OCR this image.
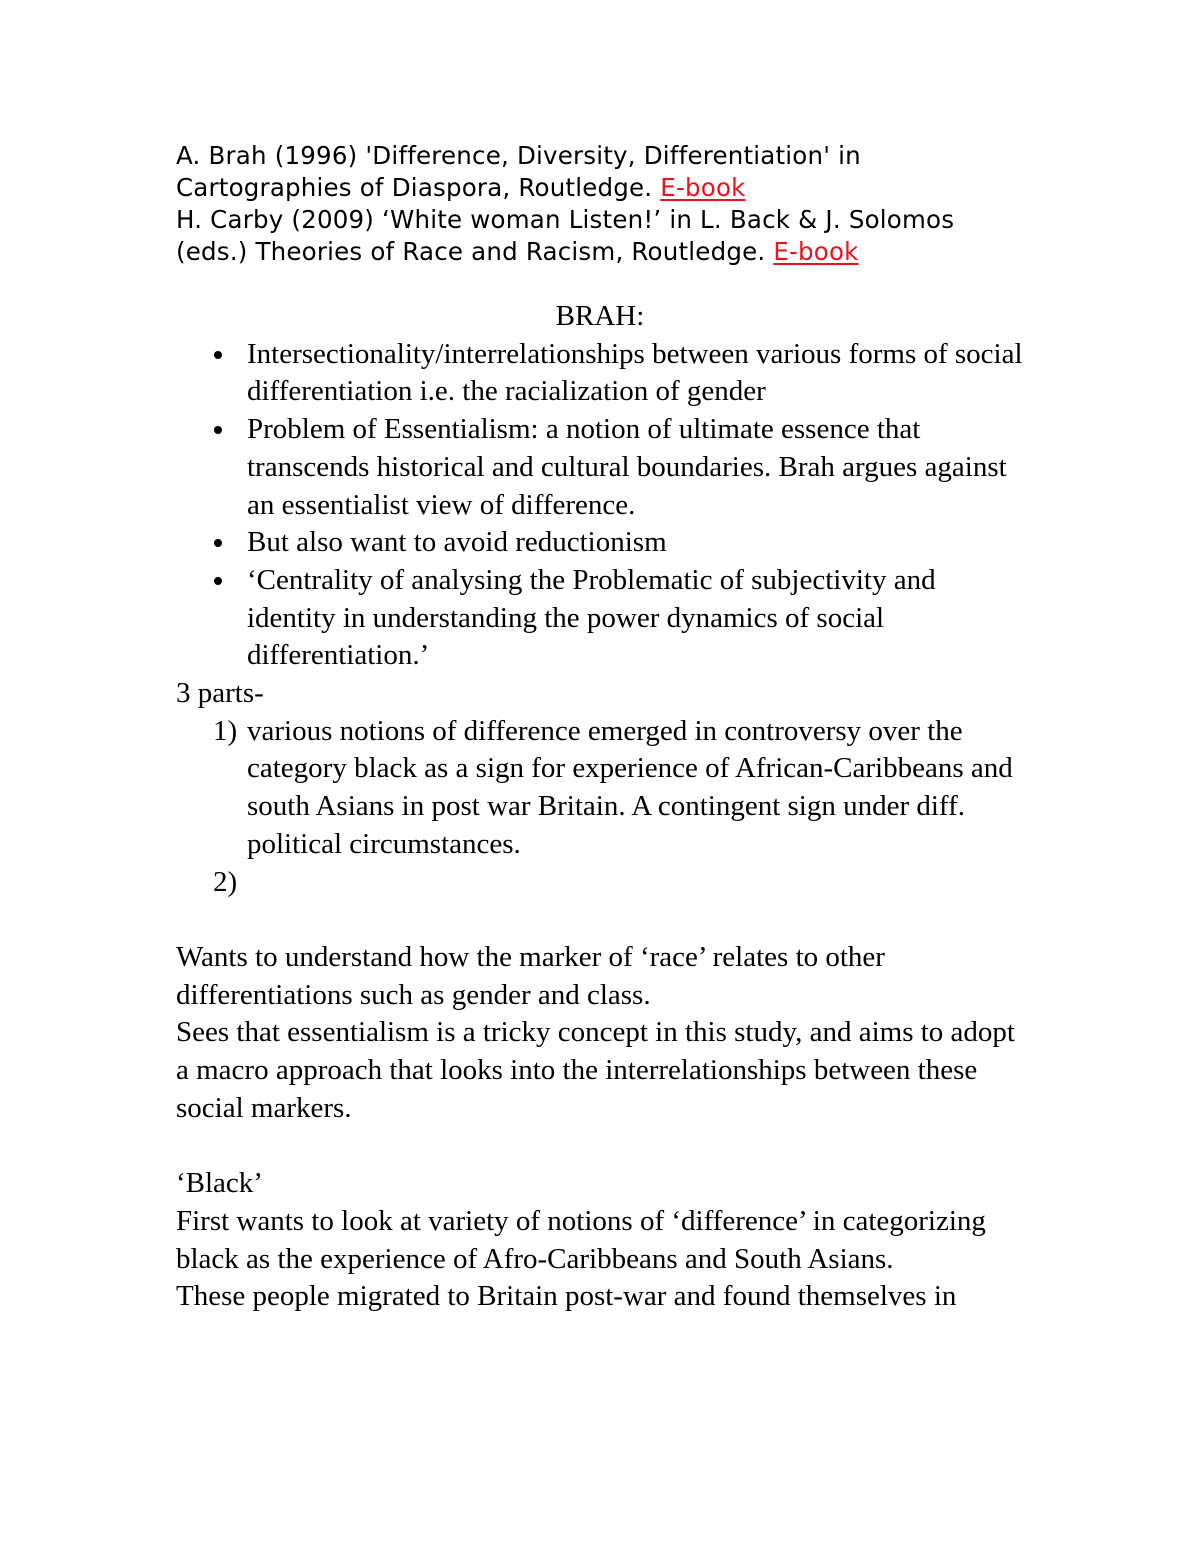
A. Brah (1996) 'Difference, Diversity, Differentiation' in Cartographies of Diaspora, Routledge. E-book

H. Carby (2009) ‘White woman Listen!’ in L. Back & J. Solomos (eds.) Theories of Race and Racism, Routledge. E-book

BRAH:

Intersectionality/interrelationships between various forms of social differentiation i.e. the racialization of gender
Problem of Essentialism: a notion of ultimate essence that transcends historical and cultural boundaries. Brah argues against an essentialist view of difference.
But also want to avoid reductionism
‘Centrality of analysing the Problematic of subjectivity and identity in understanding the power dynamics of social differentiation.’

3 parts-

1) various notions of difference emerged in controversy over the category black as a sign for experience of African-Caribbeans and south Asians in post war Britain. A contingent sign under diff. political circumstances.
2)

Wants to understand how the marker of ‘race’ relates to other differentiations such as gender and class.

Sees that essentialism is a tricky concept in this study, and aims to adopt a macro approach that looks into the interrelationships between these social markers.

‘Black’

First wants to look at variety of notions of ‘difference’ in categorizing black as the experience of Afro-Caribbeans and South Asians.

These people migrated to Britain post-war and found themselves in
